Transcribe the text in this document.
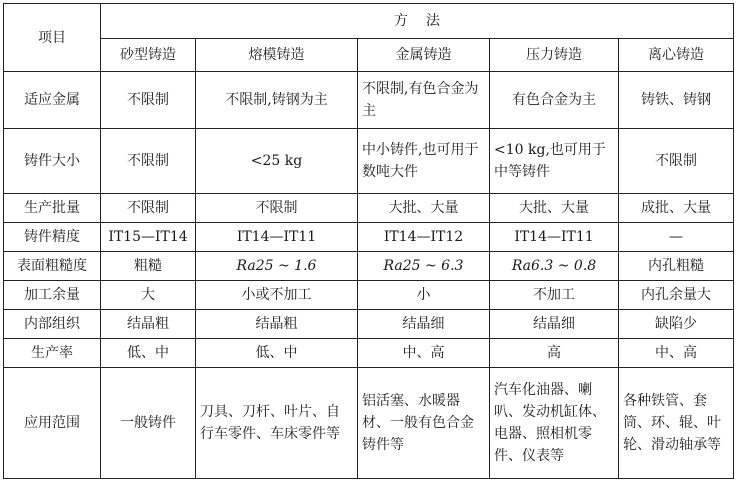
项目	方法				
	砂型铸造	熔模铸造	金属铸造	压力铸造	离心铸造
适应金属	不限制	不限制,铸钢为主	不限制,有色合金为主	有色合金为主	铸铁、铸钢
铸件大小	不限制	<25 kg	中小铸件,也可用于数吨大件	<10 kg,也可用于中等铸件	不限制
生产批量	不限制	不限制	大批、大量	大批、大量	成批、大量
铸件精度	IT15—IT14	IT14—IT11	IT14—IT12	IT14—IT11	—
表面粗糙度	粗糙	Ra25 ~ 1.6	Ra25 ~ 6.3	Ra6.3 ~ 0.8	内孔粗糙
加工余量	大	小或不加工	小	不加工	内孔余量大
内部组织	结晶粗	结晶粗	结晶细	结晶细	缺陷少
生产率	低、中	低、中	中、高	高	中、高
应用范围	一般铸件	刀具、刀杆、叶片、自行车零件、车床零件等	铝活塞、水暖器材、一般有色合金铸件等	汽车化油器、喇叭、发动机缸体、电器、照相机零件、仪表等	各种铁管、套筒、环、辊、叶轮、滑动轴承等
